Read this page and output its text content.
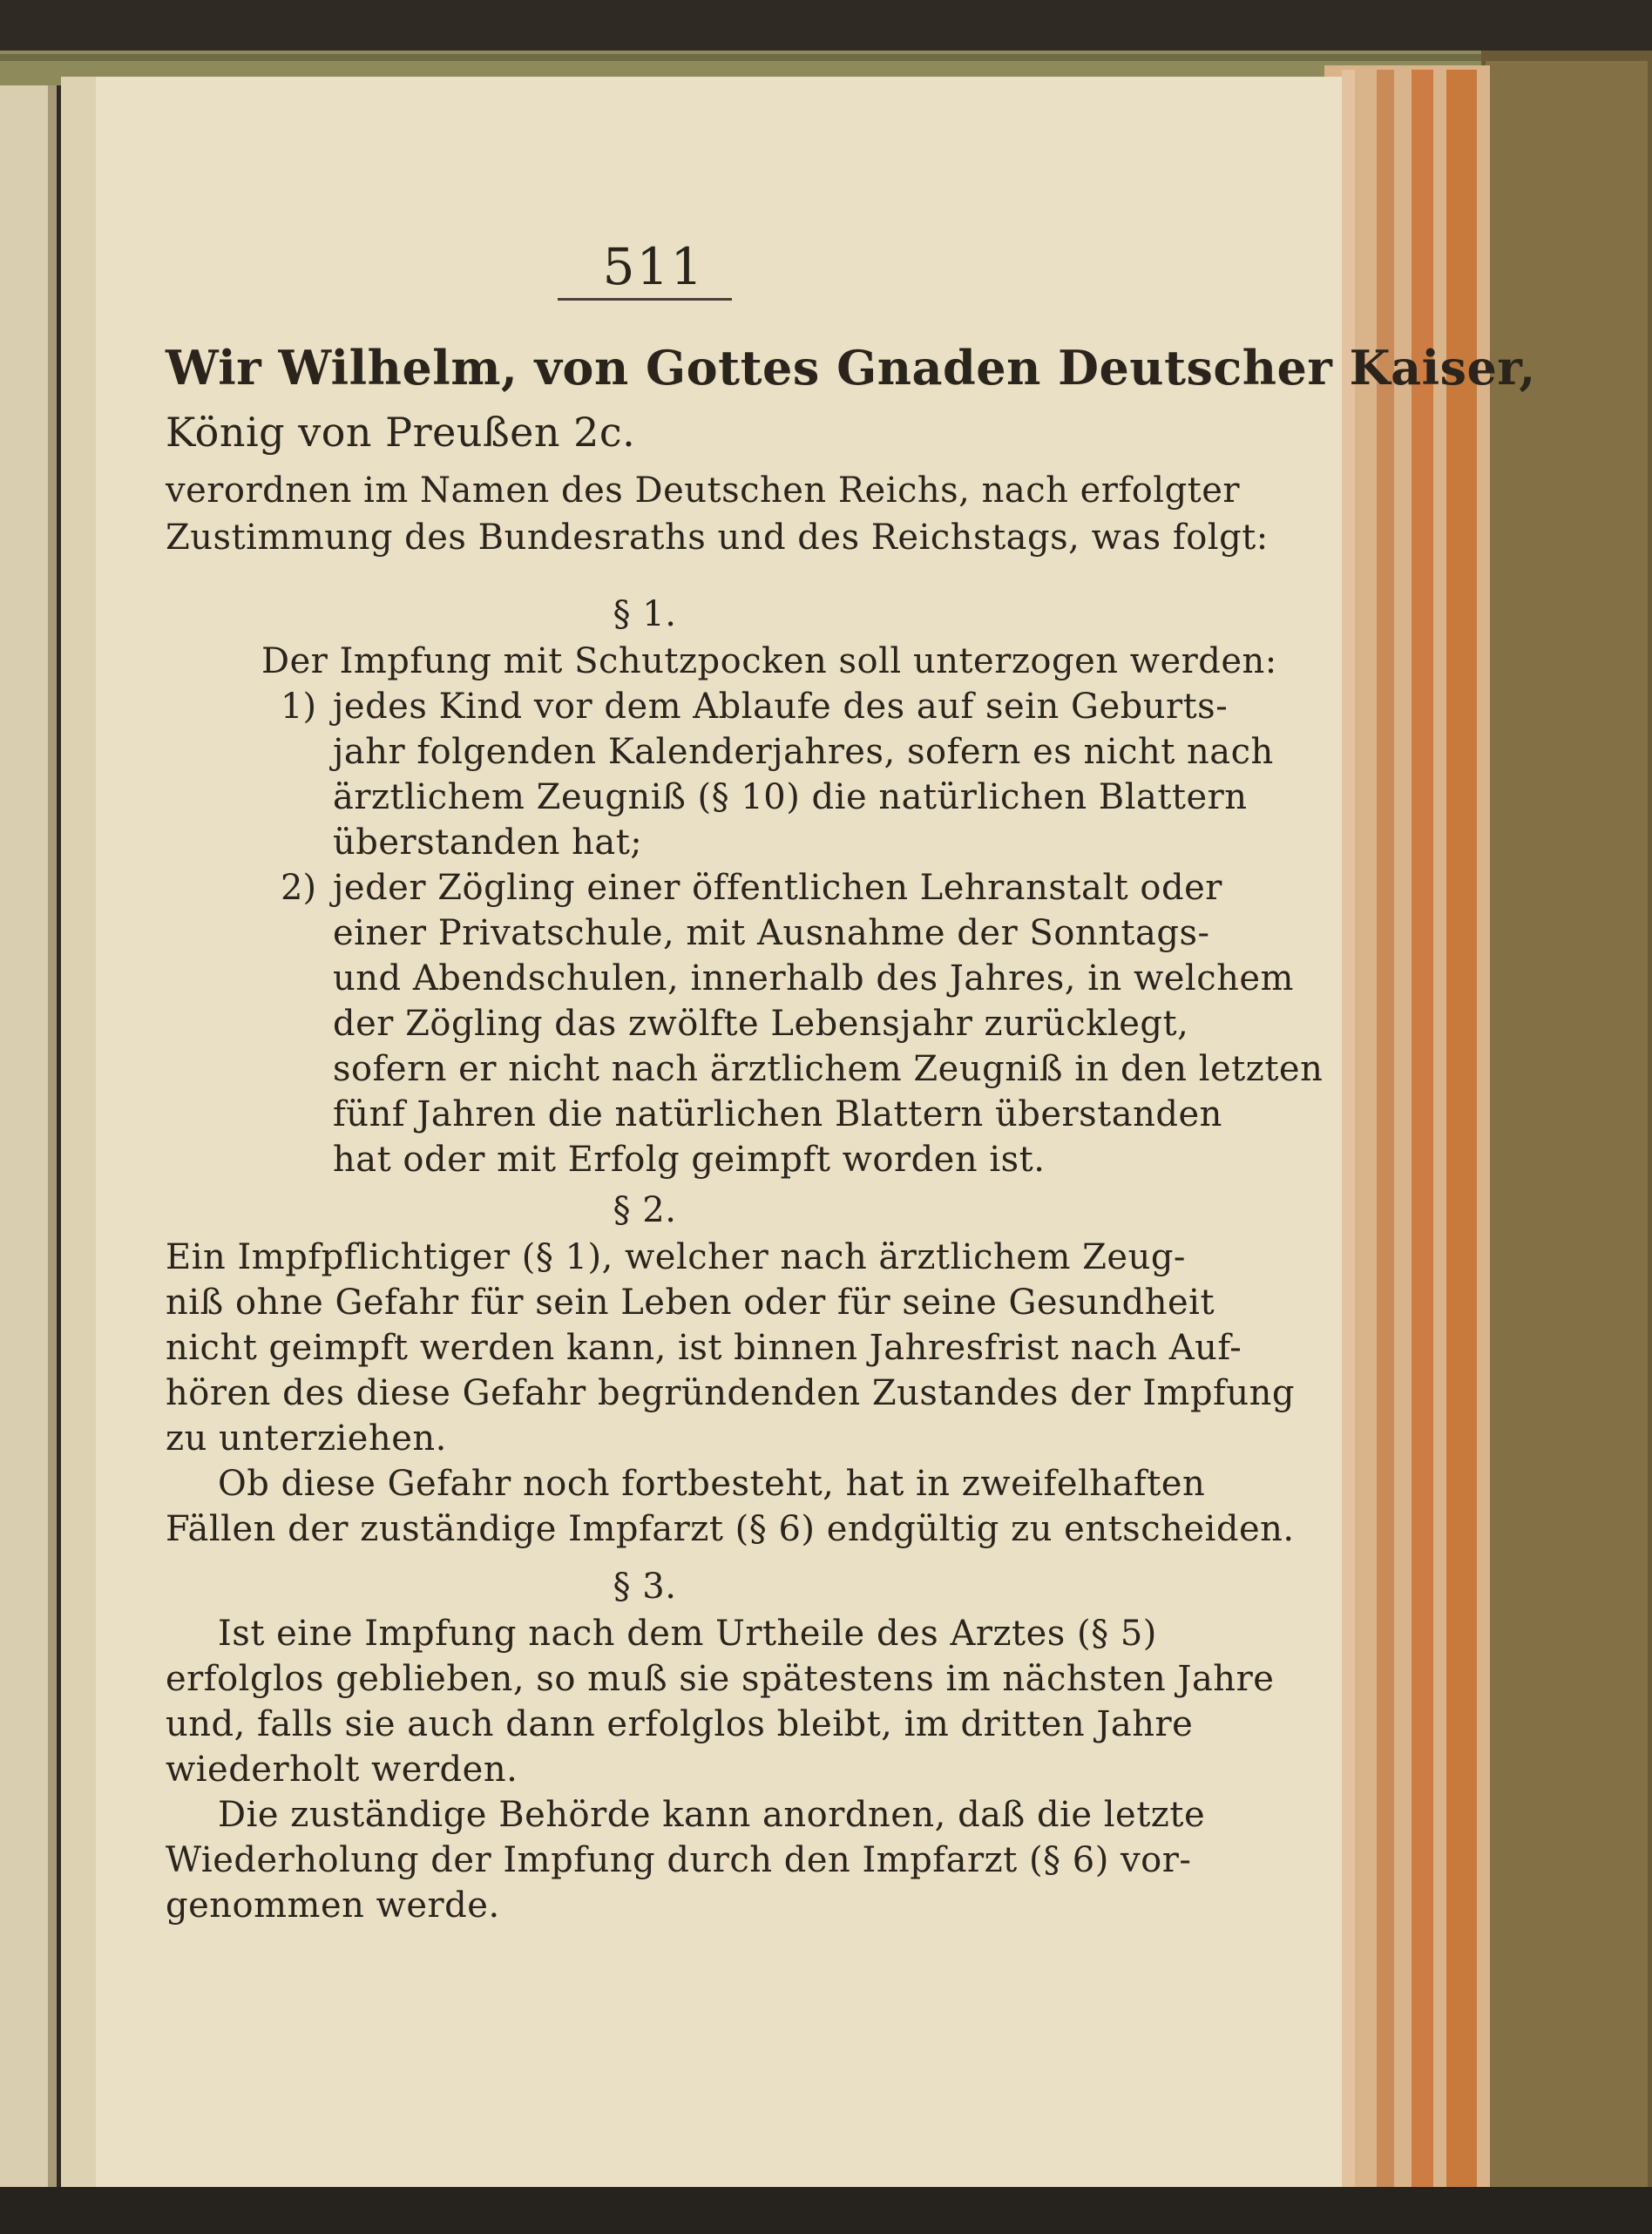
511
Wir Wilhelm, von Gottes Gnaden Deutscher Kaiser,
König von Preußen 2c.
verordnen im Namen des Deutschen Reichs, nach erfolgter
Zustimmung des Bundesraths und des Reichstags, was folgt:
§ 1.
Der Impfung mit Schutzpocken soll unterzogen werden:
1) jedes Kind vor dem Ablaufe des auf sein Geburts-
jahr folgenden Kalenderjahres, sofern es nicht nach
ärztlichem Zeugniß (§ 10) die natürlichen Blattern
überstanden hat;
2) jeder Zögling einer öffentlichen Lehranstalt oder
einer Privatschule, mit Ausnahme der Sonntags-
und Abendschulen, innerhalb des Jahres, in welchem
der Zögling das zwölfte Lebensjahr zurücklegt,
sofern er nicht nach ärztlichem Zeugniß in den letzten
fünf Jahren die natürlichen Blattern überstanden
hat oder mit Erfolg geimpft worden ist.
§ 2.
Ein Impfpflichtiger (§ 1), welcher nach ärztlichem Zeug-
niß ohne Gefahr für sein Leben oder für seine Gesundheit
nicht geimpft werden kann, ist binnen Jahresfrist nach Auf-
hören des diese Gefahr begründenden Zustandes der Impfung
zu unterziehen.
Ob diese Gefahr noch fortbesteht, hat in zweifelhaften
Fällen der zuständige Impfarzt (§ 6) endgültig zu entscheiden.
§ 3.
Ist eine Impfung nach dem Urtheile des Arztes (§ 5)
erfolglos geblieben, so muß sie spätestens im nächsten Jahre
und, falls sie auch dann erfolglos bleibt, im dritten Jahre
wiederholt werden.
Die zuständige Behörde kann anordnen, daß die letzte
Wiederholung der Impfung durch den Impfarzt (§ 6) vor-
genommen werde.
